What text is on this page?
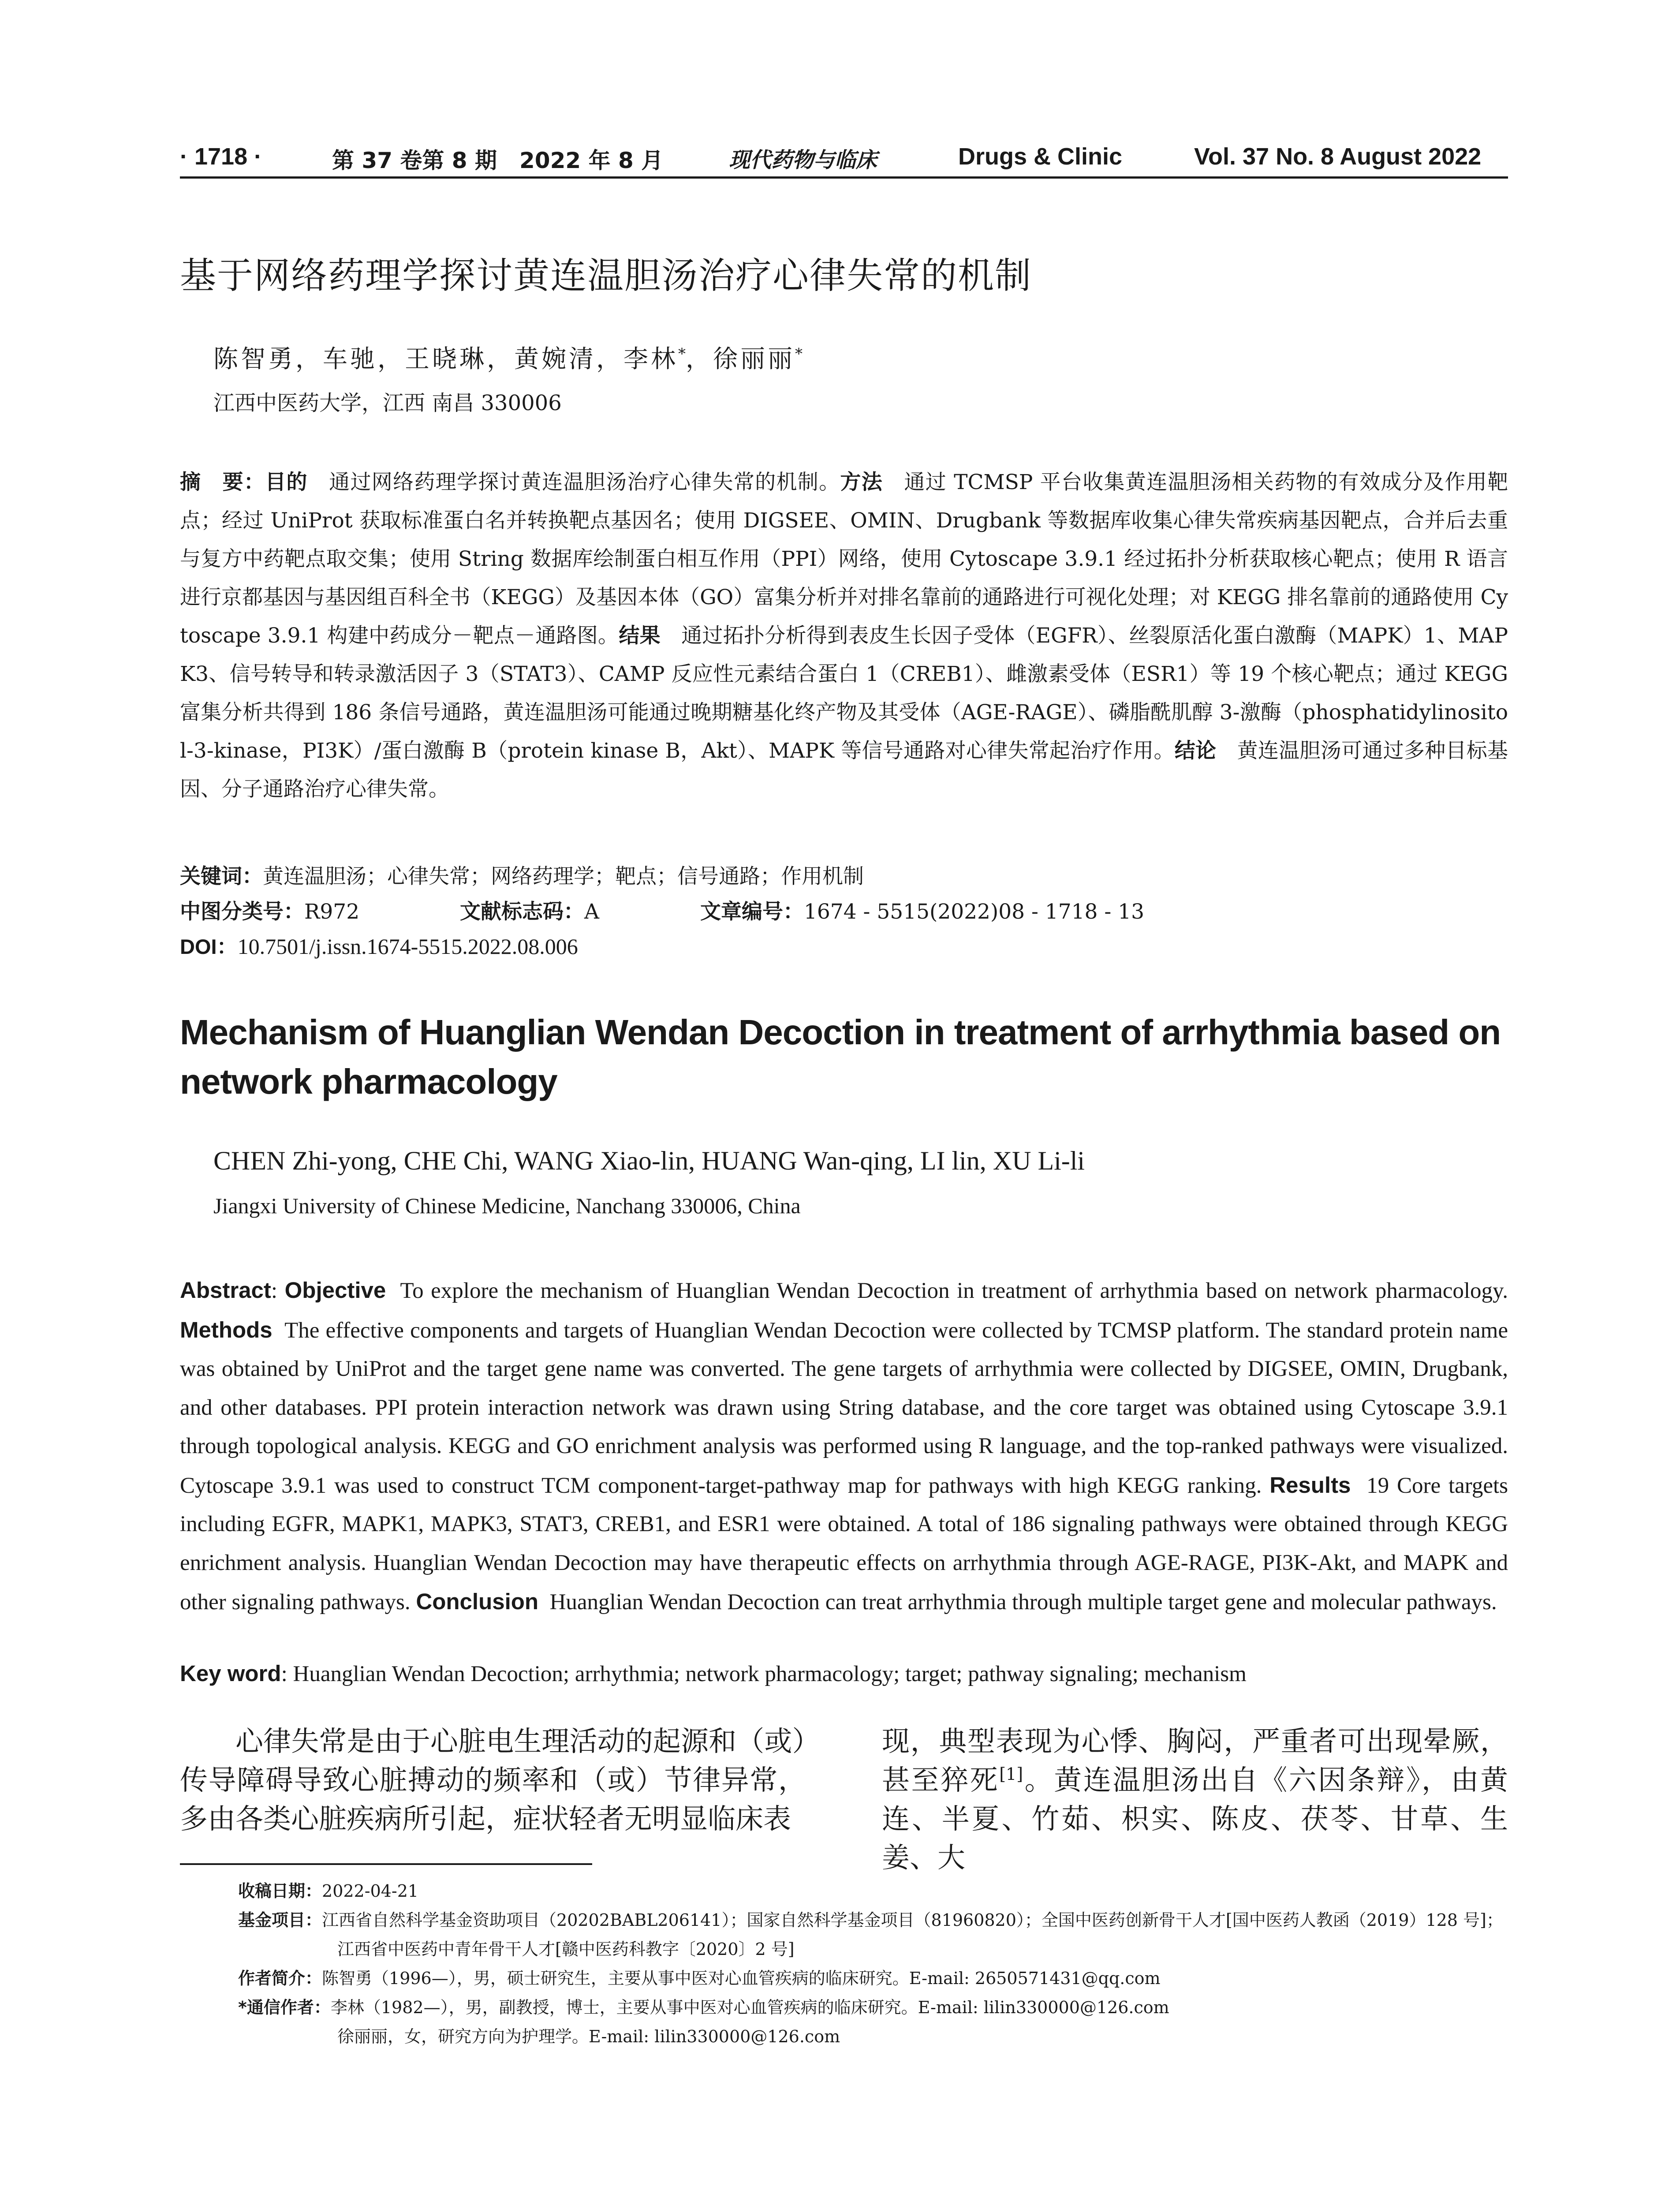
· 1718 ·	第 37 卷第 8 期 2022 年 8 月	现代药物与临床	Drugs & Clinic	Vol. 37 No. 8 August 2022
基于网络药理学探讨黄连温胆汤治疗心律失常的机制
陈智勇，车驰，王晓琳，黄婉清，李林*，徐丽丽*
江西中医药大学，江西 南昌 330006
摘　要：目的　 通过网络药理学探讨黄连温胆汤治疗心律失常的机制。方法　 通过 TCMSP 平台收集黄连温胆汤相关药物的有效成分及作用靶点；经过 UniProt 获取标准蛋白名并转换靶点基因名；使用 DIGSEE、OMIN、Drugbank 等数据库收集心律失常疾病基因靶点，合并后去重与复方中药靶点取交集；使用 String 数据库绘制蛋白相互作用（PPI）网络，使用 Cytoscape 3.9.1 经过拓扑分析获取核心靶点；使用 R 语言进行京都基因与基因组百科全书（KEGG）及基因本体（GO）富集分析并对排名靠前的通路进行可视化处理；对 KEGG 排名靠前的通路使用 Cytoscape 3.9.1 构建中药成分－靶点－通路图。结果　 通过拓扑分析得到表皮生长因子受体（EGFR）、丝裂原活化蛋白激酶（MAPK）1、MAPK3、信号转导和转录激活因子 3（STAT3）、CAMP 反应性元素结合蛋白 1（CREB1）、雌激素受体（ESR1）等 19 个核心靶点；通过 KEGG 富集分析共得到 186 条信号通路，黄连温胆汤可能通过晚期糖基化终产物及其受体（AGE-RAGE）、磷脂酰肌醇 3-激酶（phosphatidylinositol-3-kinase，PI3K）/蛋白激酶 B（protein kinase B，Akt）、MAPK 等信号通路对心律失常起治疗作用。结论　 黄连温胆汤可通过多种目标基因、分子通路治疗心律失常。
关键词：黄连温胆汤；心律失常；网络药理学；靶点；信号通路；作用机制
中图分类号：R972	文献标志码：A	文章编号：1674 - 5515(2022)08 - 1718 - 13
DOI：10.7501/j.issn.1674-5515.2022.08.006
Mechanism of Huanglian Wendan Decoction in treatment of arrhythmia based on network pharmacology
CHEN Zhi-yong, CHE Chi, WANG Xiao-lin, HUANG Wan-qing, LI lin, XU Li-li
Jiangxi University of Chinese Medicine, Nanchang 330006, China
Abstract: Objective To explore the mechanism of Huanglian Wendan Decoction in treatment of arrhythmia based on network pharmacology. Methods The effective components and targets of Huanglian Wendan Decoction were collected by TCMSP platform. The standard protein name was obtained by UniProt and the target gene name was converted. The gene targets of arrhythmia were collected by DIGSEE, OMIN, Drugbank, and other databases. PPI protein interaction network was drawn using String database, and the core target was obtained using Cytoscape 3.9.1 through topological analysis. KEGG and GO enrichment analysis was performed using R language, and the top-ranked pathways were visualized. Cytoscape 3.9.1 was used to construct TCM component-target-pathway map for pathways with high KEGG ranking. Results 19 Core targets including EGFR, MAPK1, MAPK3, STAT3, CREB1, and ESR1 were obtained. A total of 186 signaling pathways were obtained through KEGG enrichment analysis. Huanglian Wendan Decoction may have therapeutic effects on arrhythmia through AGE-RAGE, PI3K-Akt, and MAPK and other signaling pathways. Conclusion Huanglian Wendan Decoction can treat arrhythmia through multiple target gene and molecular pathways.
Key word: Huanglian Wendan Decoction; arrhythmia; network pharmacology; target; pathway signaling; mechanism
心律失常是由于心脏电生理活动的起源和（或）传导障碍导致心脏搏动的频率和（或）节律异常，多由各类心脏疾病所引起，症状轻者无明显临床表
现，典型表现为心悸、胸闷，严重者可出现晕厥，甚至猝死[1]。黄连温胆汤出自《六因条辩》，由黄连、半夏、竹茹、枳实、陈皮、茯苓、甘草、生姜、大
收稿日期：2022-04-21
基金项目：江西省自然科学基金资助项目（20202BABL206141）；国家自然科学基金项目（81960820）；全国中医药创新骨干人才[国中医药人教函（2019）128 号]；江西省中医药中青年骨干人才[赣中医药科教字〔2020〕2 号]
作者简介：陈智勇（1996—），男，硕士研究生，主要从事中医对心血管疾病的临床研究。E-mail: 2650571431@qq.com
*通信作者：李林（1982—），男，副教授，博士，主要从事中医对心血管疾病的临床研究。E-mail: lilin330000@126.com
徐丽丽，女，研究方向为护理学。E-mail: lilin330000@126.com
